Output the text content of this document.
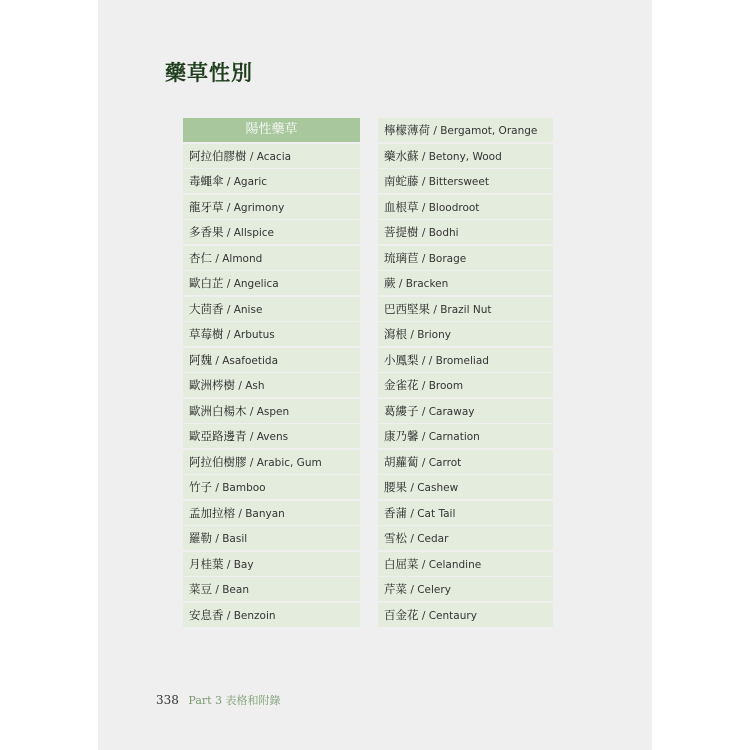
藥草性別
陽性藥草
阿拉伯膠樹 / Acacia
毒蠅傘 / Agaric
龍牙草 / Agrimony
多香果 / Allspice
杏仁 / Almond
歐白芷 / Angelica
大茴香 / Anise
草莓樹 / Arbutus
阿魏 / Asafoetida
歐洲梣樹 / Ash
歐洲白楊木 / Aspen
歐亞路邊青 / Avens
阿拉伯樹膠 / Arabic, Gum
竹子 / Bamboo
孟加拉榕 / Banyan
羅勒 / Basil
月桂葉 / Bay
菜豆 / Bean
安息香 / Benzoin
檸檬薄荷 / Bergamot, Orange
藥水蘇 / Betony, Wood
南蛇藤 / Bittersweet
血根草 / Bloodroot
菩提樹 / Bodhi
琉璃苣 / Borage
蕨 / Bracken
巴西堅果 / Brazil Nut
瀉根 / Briony
小鳳梨 / / Bromeliad
金雀花 / Broom
葛縷子 / Caraway
康乃馨 / Carnation
胡蘿蔔 / Carrot
腰果 / Cashew
香蒲 / Cat Tail
雪松 / Cedar
白屈菜 / Celandine
芹菜 / Celery
百金花 / Centaury
338 Part 3 表格和附錄
